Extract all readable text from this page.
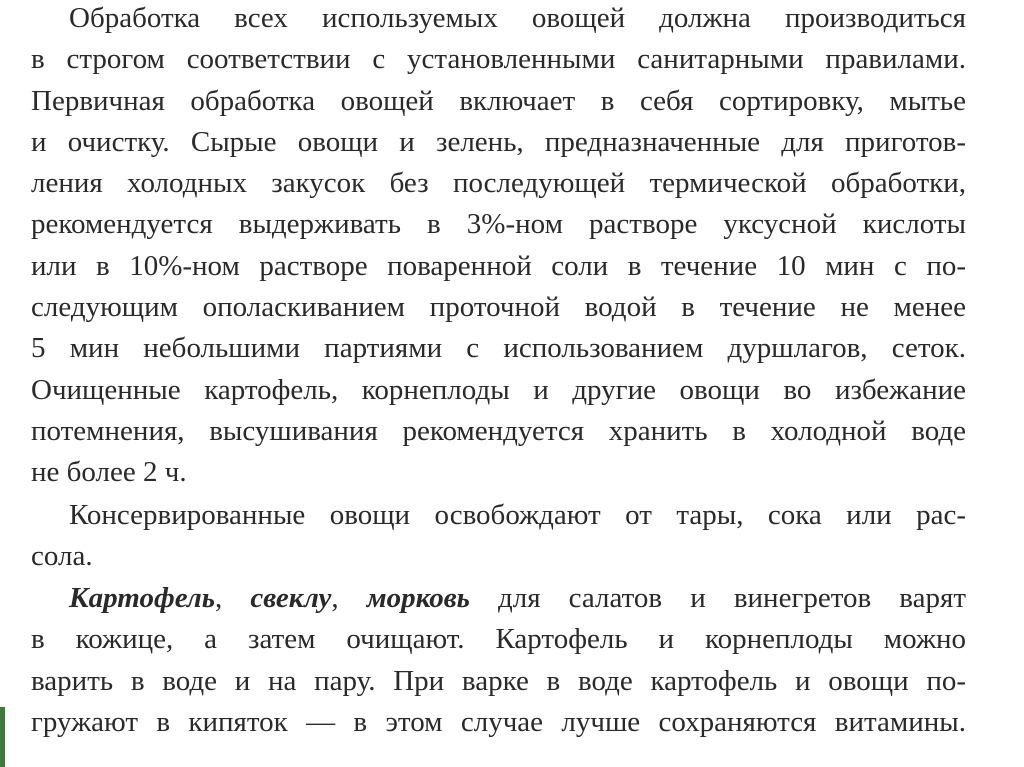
Обработка всех используемых овощей должна производиться
в строгом соответствии с установленными санитарными правилами.
Первичная обработка овощей включает в себя сортировку, мытье
и очистку. Сырые овощи и зелень, предназначенные для приготов-
ления холодных закусок без последующей термической обработки,
рекомендуется выдерживать в 3%-ном растворе уксусной кислоты
или в 10%-ном растворе поваренной соли в течение 10 мин с по-
следующим ополаскиванием проточной водой в течение не менее
5 мин небольшими партиями с использованием дуршлагов, сеток.
Очищенные картофель, корнеплоды и другие овощи во избежание
потемнения, высушивания рекомендуется хранить в холодной воде
не более 2 ч.
Консервированные овощи освобождают от тары, сока или рас-
сола.
Картофель, свеклу, морковь для салатов и винегретов варят
в кожице, а затем очищают. Картофель и корнеплоды можно
варить в воде и на пару. При варке в воде картофель и овощи по-
гружают в кипяток — в этом случае лучше сохраняются витамины.
